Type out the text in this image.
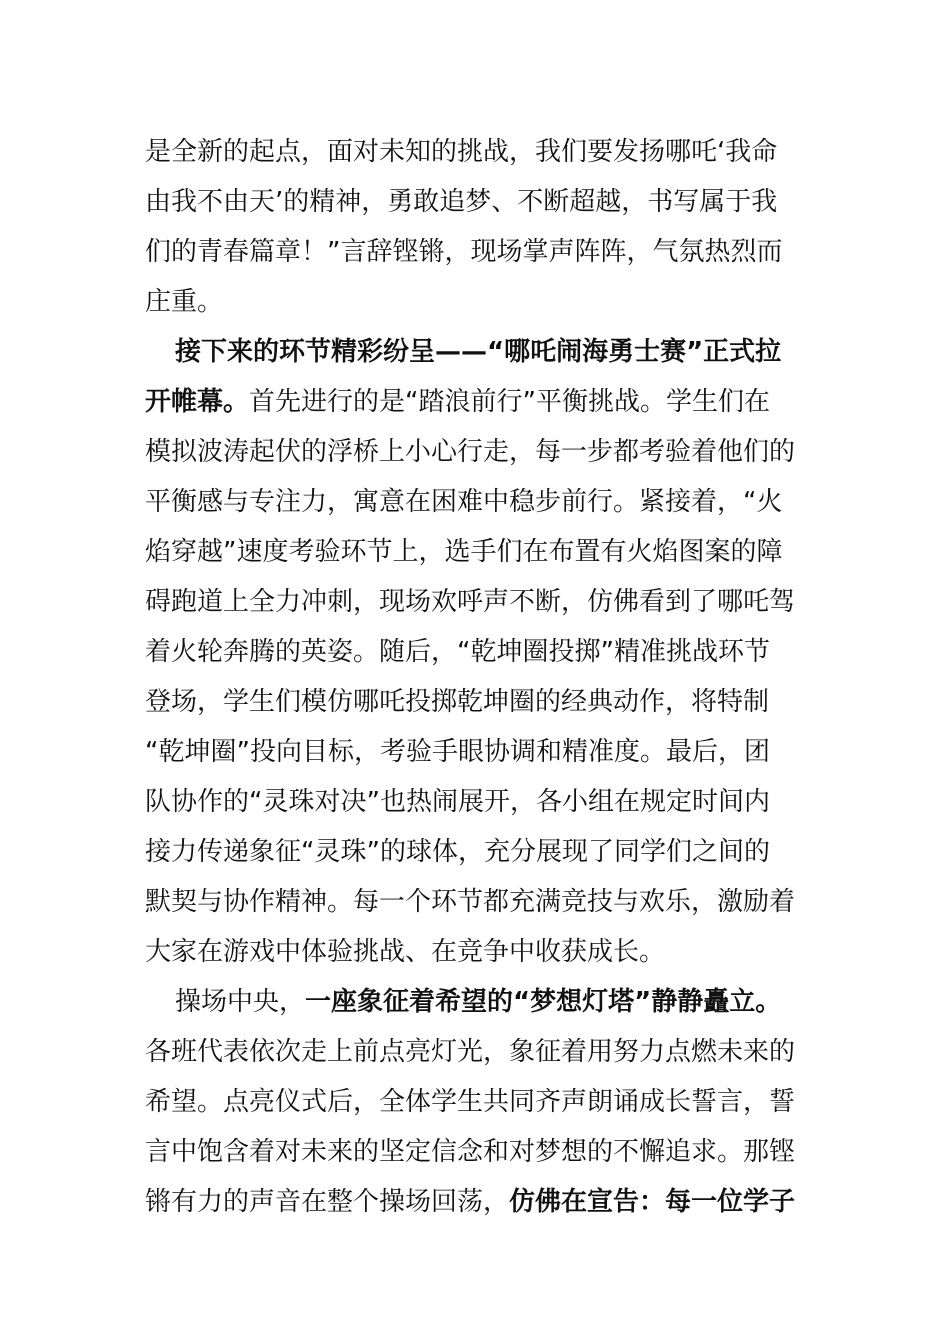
是全新的起点，面对未知的挑战，我们要发扬哪吒‘我命
由我不由天’的精神，勇敢追梦、不断超越，书写属于我
们的青春篇章！”言辞铿锵，现场掌声阵阵，气氛热烈而
庄重。
接下来的环节精彩纷呈——“哪吒闹海勇士赛”正式拉
开帷幕。首先进行的是“踏浪前行”平衡挑战。学生们在
模拟波涛起伏的浮桥上小心行走，每一步都考验着他们的
平衡感与专注力，寓意在困难中稳步前行。紧接着，“火
焰穿越”速度考验环节上，选手们在布置有火焰图案的障
碍跑道上全力冲刺，现场欢呼声不断，仿佛看到了哪吒驾
着火轮奔腾的英姿。随后，“乾坤圈投掷”精准挑战环节
登场，学生们模仿哪吒投掷乾坤圈的经典动作，将特制
“乾坤圈”投向目标，考验手眼协调和精准度。最后，团
队协作的“灵珠对决”也热闹展开，各小组在规定时间内
接力传递象征“灵珠”的球体，充分展现了同学们之间的
默契与协作精神。每一个环节都充满竞技与欢乐，激励着
大家在游戏中体验挑战、在竞争中收获成长。
操场中央，一座象征着希望的“梦想灯塔”静静矗立。
各班代表依次走上前点亮灯光，象征着用努力点燃未来的
希望。点亮仪式后，全体学生共同齐声朗诵成长誓言，誓
言中饱含着对未来的坚定信念和对梦想的不懈追求。那铿
锵有力的声音在整个操场回荡，仿佛在宣告：每一位学子
